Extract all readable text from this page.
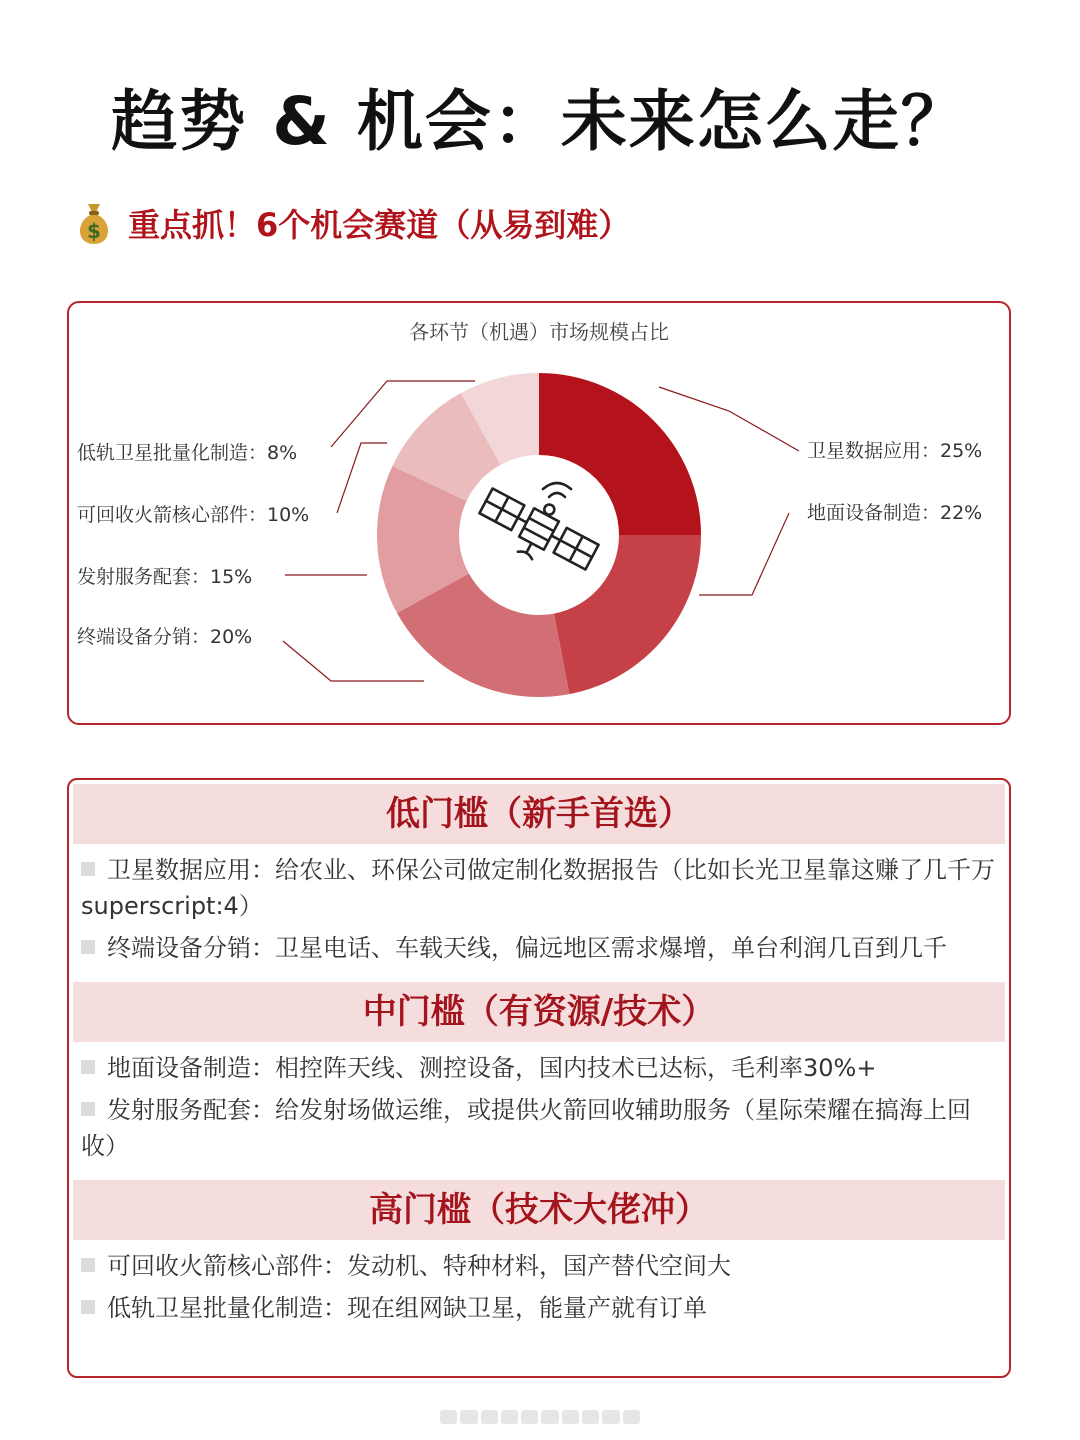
趋势 & 机会：未来怎么走？
$ 重点抓！6个机会赛道（从易到难）
各环节（机遇）市场规模占比
卫星数据应用：25%
地面设备制造：22%
终端设备分销：20%
发射服务配套：15%
可回收火箭核心部件：10%
低轨卫星批量化制造：8%
低门槛（新手首选）
卫星数据应用：给农业、环保公司做定制化数据报告（比如长光卫星靠这赚了几千万superscript:4）
终端设备分销：卫星电话、车载天线，偏远地区需求爆增，单台利润几百到几千
中门槛（有资源/技术）
地面设备制造：相控阵天线、测控设备，国内技术已达标，毛利率30%+
发射服务配套：给发射场做运维，或提供火箭回收辅助服务（星际荣耀在搞海上回收）
高门槛（技术大佬冲）
可回收火箭核心部件：发动机、特种材料，国产替代空间大
低轨卫星批量化制造：现在组网缺卫星，能量产就有订单
